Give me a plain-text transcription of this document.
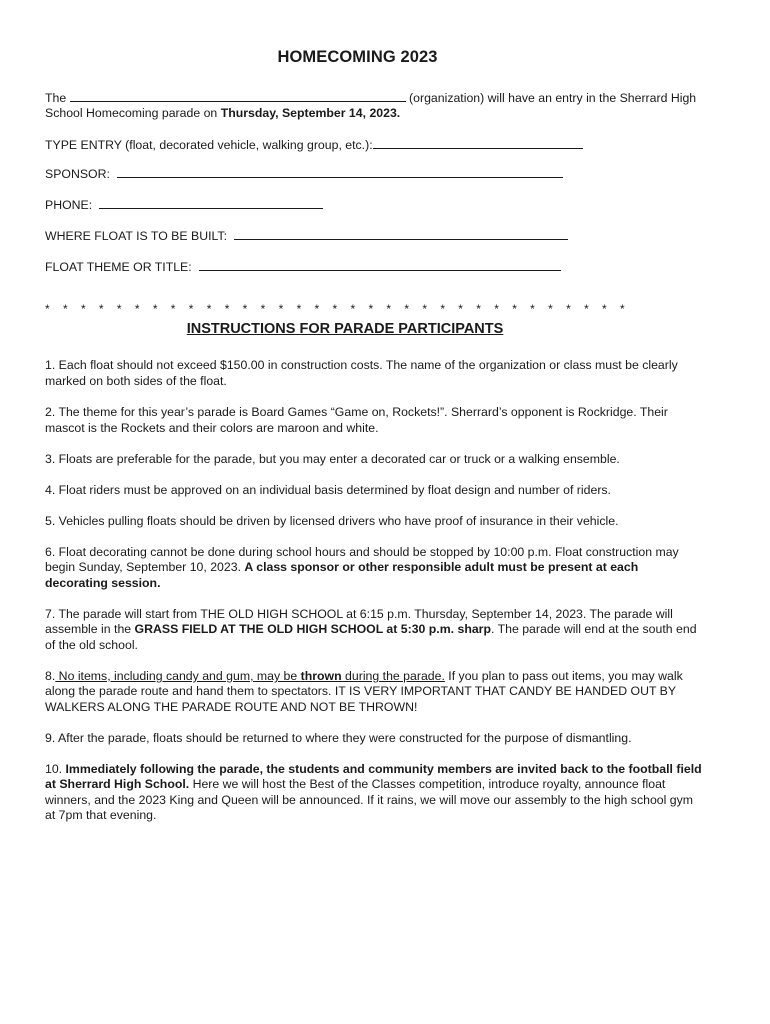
HOMECOMING 2023
The	(organization) will have an entry in the Sherrard High
School Homecoming parade on Thursday, September 14, 2023.
TYPE ENTRY (float, decorated vehicle, walking group, etc.):
SPONSOR:
PHONE:
WHERE FLOAT IS TO BE BUILT:
FLOAT THEME OR TITLE:
* * * * * * * * * * * * * * * * * * * * * * * * * * * * * * * * *
INSTRUCTIONS FOR PARADE PARTICIPANTS
1. Each float should not exceed $150.00 in construction costs. The name of the organization or class must be clearly
marked on both sides of the float.
2. The theme for this year’s parade is Board Games “Game on, Rockets!”. Sherrard’s opponent is Rockridge. Their
mascot is the Rockets and their colors are maroon and white.
3. Floats are preferable for the parade, but you may enter a decorated car or truck or a walking ensemble.
4. Float riders must be approved on an individual basis determined by float design and number of riders.
5. Vehicles pulling floats should be driven by licensed drivers who have proof of insurance in their vehicle.
6. Float decorating cannot be done during school hours and should be stopped by 10:00 p.m. Float construction may
begin Sunday, September 10, 2023. A class sponsor or other responsible adult must be present at each
decorating session.
7. The parade will start from THE OLD HIGH SCHOOL at 6:15 p.m. Thursday, September 14, 2023. The parade will
assemble in the GRASS FIELD AT THE OLD HIGH SCHOOL at 5:30 p.m. sharp. The parade will end at the south end
of the old school.
8. No items, including candy and gum, may be thrown during the parade. If you plan to pass out items, you may walk
along the parade route and hand them to spectators. IT IS VERY IMPORTANT THAT CANDY BE HANDED OUT BY
WALKERS ALONG THE PARADE ROUTE AND NOT BE THROWN!
9. After the parade, floats should be returned to where they were constructed for the purpose of dismantling.
10. Immediately following the parade, the students and community members are invited back to the football field
at Sherrard High School. Here we will host the Best of the Classes competition, introduce royalty, announce float
winners, and the 2023 King and Queen will be announced. If it rains, we will move our assembly to the high school gym
at 7pm that evening.
